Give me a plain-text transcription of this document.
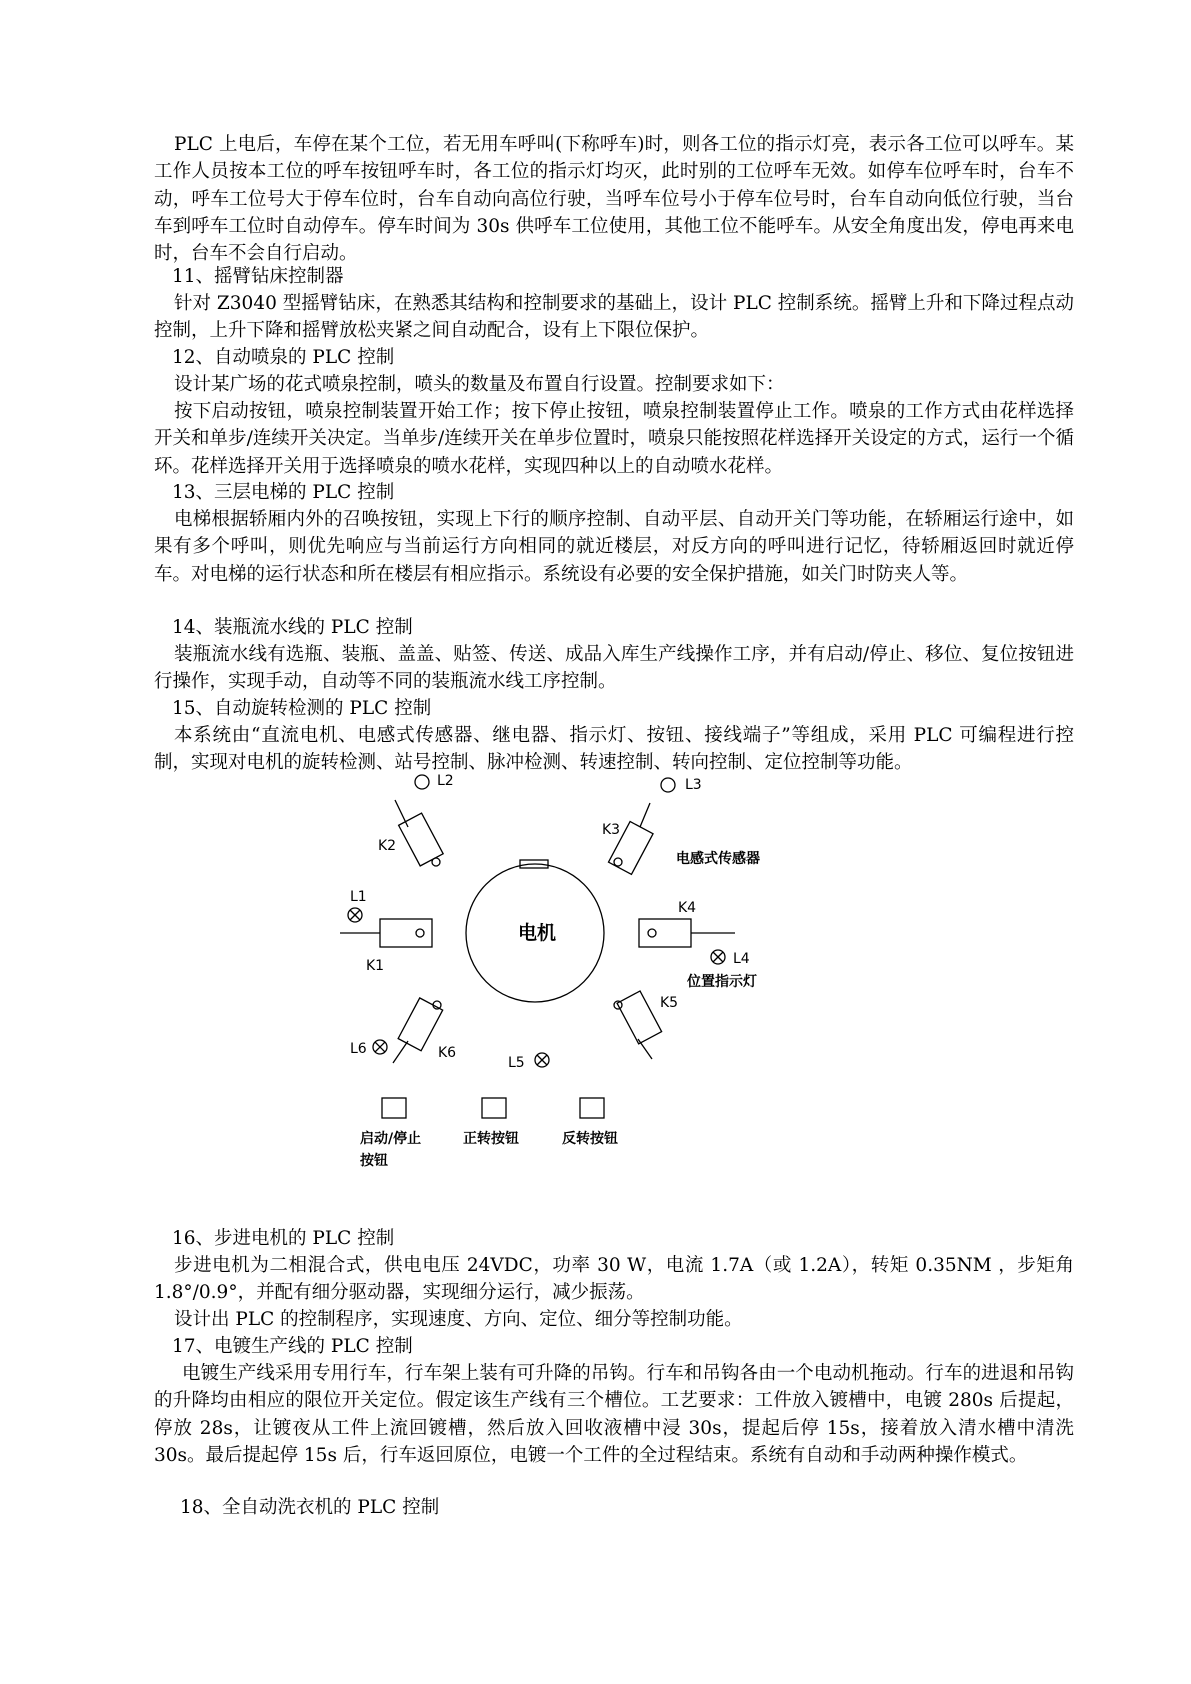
PLC 上电后，车停在某个工位，若无用车呼叫(下称呼车)时，则各工位的指示灯亮，表示各工位可以呼车。某工作人员按本工位的呼车按钮呼车时，各工位的指示灯均灭，此时别的工位呼车无效。如停车位呼车时，台车不动，呼车工位号大于停车位时，台车自动向高位行驶，当呼车位号小于停车位号时，台车自动向低位行驶，当台车到呼车工位时自动停车。停车时间为 30s 供呼车工位使用，其他工位不能呼车。从安全角度出发，停电再来电时，台车不会自行启动。

11、摇臂钻床控制器

针对 Z3040 型摇臂钻床，在熟悉其结构和控制要求的基础上，设计 PLC 控制系统。摇臂上升和下降过程点动控制，上升下降和摇臂放松夹紧之间自动配合，设有上下限位保护。

12、自动喷泉的 PLC 控制

设计某广场的花式喷泉控制，喷头的数量及布置自行设置。控制要求如下：

按下启动按钮，喷泉控制装置开始工作；按下停止按钮，喷泉控制装置停止工作。喷泉的工作方式由花样选择开关和单步/连续开关决定。当单步/连续开关在单步位置时，喷泉只能按照花样选择开关设定的方式，运行一个循环。花样选择开关用于选择喷泉的喷水花样，实现四种以上的自动喷水花样。

13、三层电梯的 PLC 控制

电梯根据轿厢内外的召唤按钮，实现上下行的顺序控制、自动平层、自动开关门等功能，在轿厢运行途中，如果有多个呼叫，则优先响应与当前运行方向相同的就近楼层，对反方向的呼叫进行记忆，待轿厢返回时就近停车。对电梯的运行状态和所在楼层有相应指示。系统设有必要的安全保护措施，如关门时防夹人等。

14、装瓶流水线的 PLC 控制

装瓶流水线有选瓶、装瓶、盖盖、贴签、传送、成品入库生产线操作工序，并有启动/停止、移位、复位按钮进行操作，实现手动，自动等不同的装瓶流水线工序控制。

15、自动旋转检测的 PLC 控制

本系统由“直流电机、电感式传感器、继电器、指示灯、按钮、接线端子”等组成，采用 PLC 可编程进行控制，实现对电机的旋转检测、站号控制、脉冲检测、转速控制、转向控制、定位控制等功能。

电机
K1
L1
K2
L2
K3
L3
电感式传感器
K4
L4
位置指示灯
K6
L6
K5
L5
启动/停止
按钮
正转按钮	反转按钮

16、步进电机的 PLC 控制

步进电机为二相混合式，供电电压 24VDC，功率 30 W，电流 1.7A（或 1.2A），转矩 0.35NM ，步矩角 1.8°/0.9°，并配有细分驱动器，实现细分运行，减少振荡。

设计出 PLC 的控制程序，实现速度、方向、定位、细分等控制功能。

17、电镀生产线的 PLC 控制

电镀生产线采用专用行车，行车架上装有可升降的吊钩。行车和吊钩各由一个电动机拖动。行车的进退和吊钩的升降均由相应的限位开关定位。假定该生产线有三个槽位。工艺要求：工件放入镀槽中，电镀 280s 后提起，停放 28s，让镀夜从工件上流回镀槽，然后放入回收液槽中浸 30s，提起后停 15s，接着放入清水槽中清洗 30s。最后提起停 15s 后，行车返回原位，电镀一个工件的全过程结束。系统有自动和手动两种操作模式。

18、全自动洗衣机的 PLC 控制
